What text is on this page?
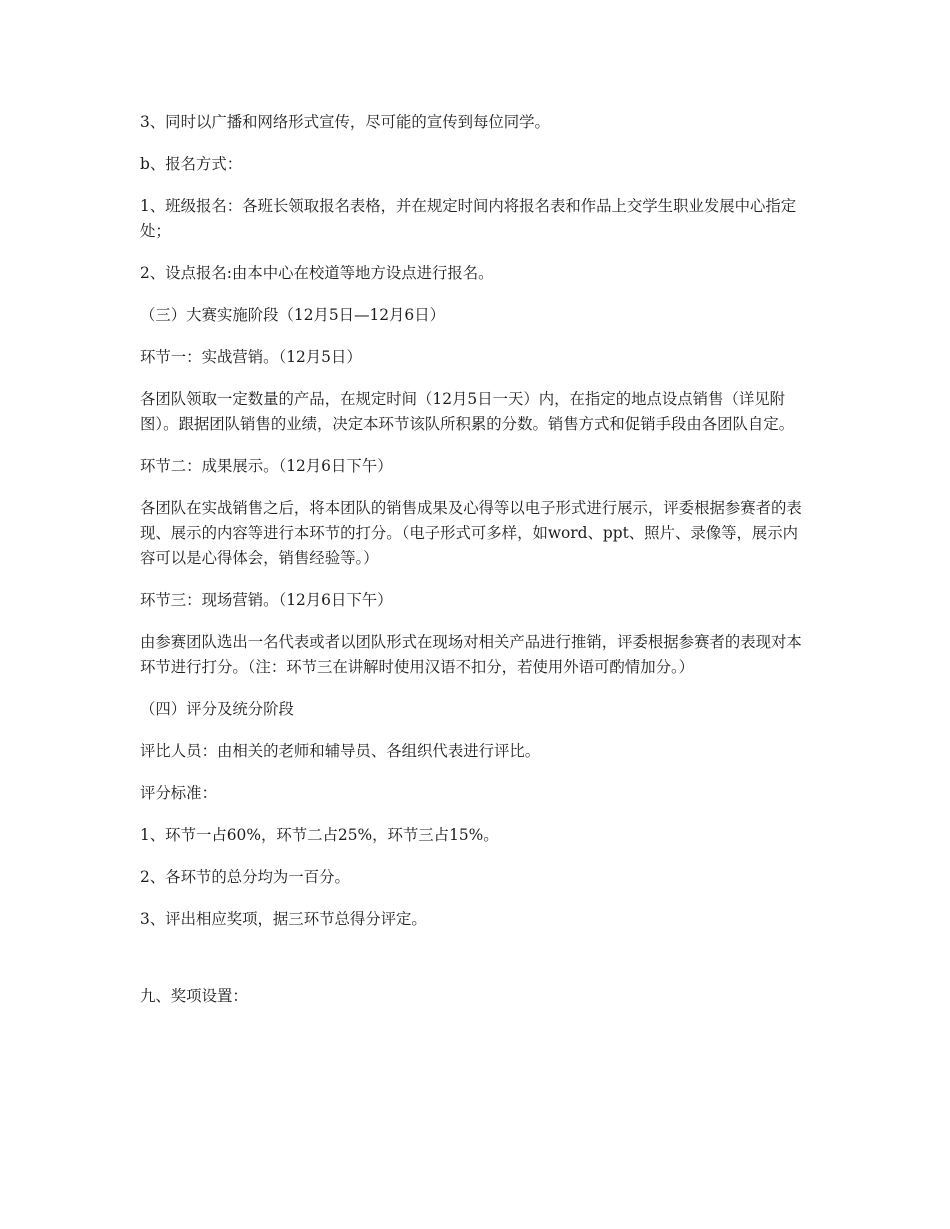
3、同时以广播和网络形式宣传，尽可能的宣传到每位同学。

b、报名方式：

1、班级报名：各班长领取报名表格，并在规定时间内将报名表和作品上交学生职业发展中心指定处；

2、设点报名:由本中心在校道等地方设点进行报名。

（三）大赛实施阶段（12月5日—12月6日）

环节一：实战营销。（12月5日）

各团队领取一定数量的产品，在规定时间（12月5日一天）内，在指定的地点设点销售（详见附图）。跟据团队销售的业绩，决定本环节该队所积累的分数。销售方式和促销手段由各团队自定。

环节二：成果展示。（12月6日下午）

各团队在实战销售之后，将本团队的销售成果及心得等以电子形式进行展示，评委根据参赛者的表现、展示的内容等进行本环节的打分。（电子形式可多样，如word、ppt、照片、录像等，展示内容可以是心得体会，销售经验等。）

环节三：现场营销。（12月6日下午）

由参赛团队选出一名代表或者以团队形式在现场对相关产品进行推销，评委根据参赛者的表现对本环节进行打分。（注：环节三在讲解时使用汉语不扣分，若使用外语可酌情加分。）

（四）评分及统分阶段

评比人员：由相关的老师和辅导员、各组织代表进行评比。

评分标准：

1、环节一占60%，环节二占25%，环节三占15%。

2、各环节的总分均为一百分。

3、评出相应奖项，据三环节总得分评定。

九、奖项设置：
